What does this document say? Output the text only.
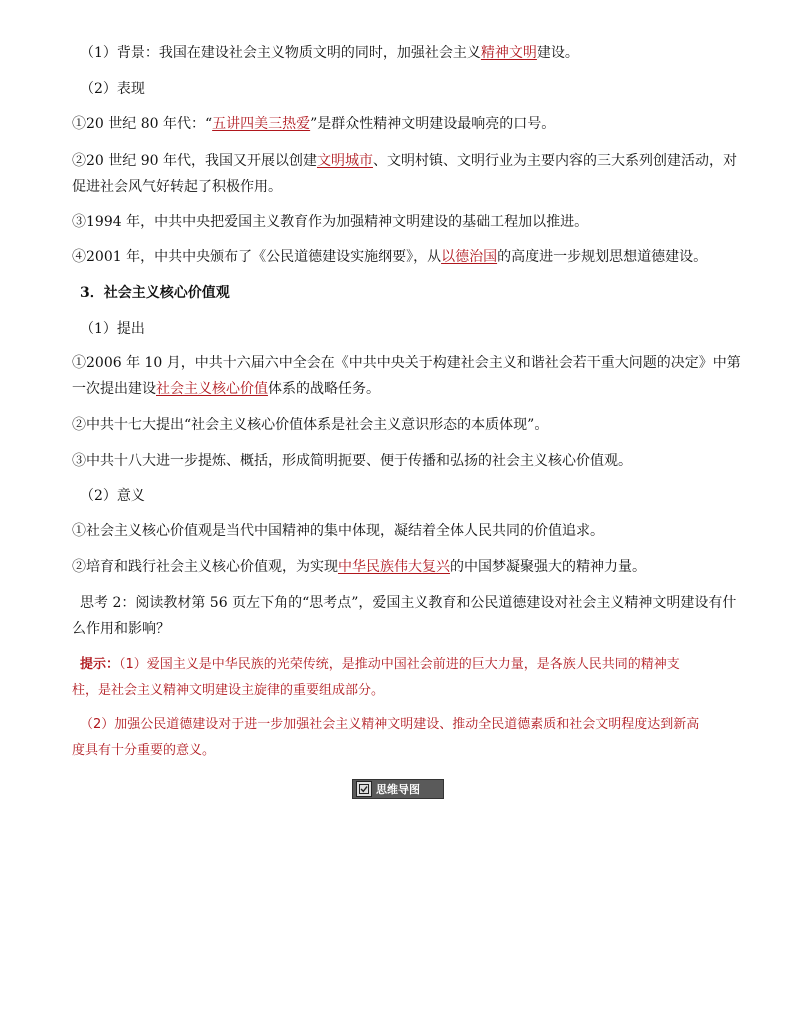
（1）背景：我国在建设社会主义物质文明的同时，加强社会主义精神文明建设。
（2）表现
①20 世纪 80 年代：“五讲四美三热爱”是群众性精神文明建设最响亮的口号。
②20 世纪 90 年代，我国又开展以创建文明城市、文明村镇、文明行业为主要内容的三大系列创建活动，对
促进社会风气好转起了积极作用。
③1994 年，中共中央把爱国主义教育作为加强精神文明建设的基础工程加以推进。
④2001 年，中共中央颁布了《公民道德建设实施纲要》，从以德治国的高度进一步规划思想道德建设。
3．社会主义核心价值观
（1）提出
①2006 年 10 月，中共十六届六中全会在《中共中央关于构建社会主义和谐社会若干重大问题的决定》中第
一次提出建设社会主义核心价值体系的战略任务。
②中共十七大提出“社会主义核心价值体系是社会主义意识形态的本质体现”。
③中共十八大进一步提炼、概括，形成简明扼要、便于传播和弘扬的社会主义核心价值观。
（2）意义
①社会主义核心价值观是当代中国精神的集中体现，凝结着全体人民共同的价值追求。
②培育和践行社会主义核心价值观，为实现中华民族伟大复兴的中国梦凝聚强大的精神力量。
思考 2：阅读教材第 56 页左下角的“思考点”，爱国主义教育和公民道德建设对社会主义精神文明建设有什
么作用和影响？
提示：（1）爱国主义是中华民族的光荣传统，是推动中国社会前进的巨大力量，是各族人民共同的精神支
柱，是社会主义精神文明建设主旋律的重要组成部分。
（2）加强公民道德建设对于进一步加强社会主义精神文明建设、推动全民道德素质和社会文明程度达到新高
度具有十分重要的意义。
思维导图
